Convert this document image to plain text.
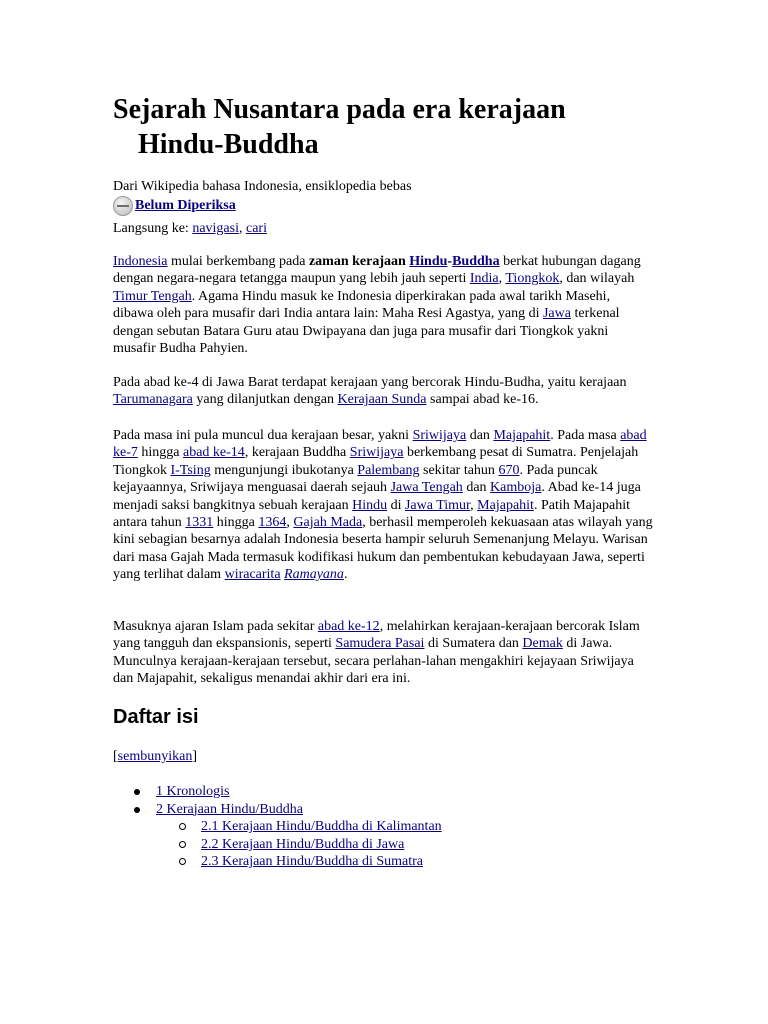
Sejarah Nusantara pada era kerajaan
Hindu-Buddha
Dari Wikipedia bahasa Indonesia, ensiklopedia bebas
Belum Diperiksa
Langsung ke: navigasi, cari

Indonesia mulai berkembang pada zaman kerajaan Hindu-Buddha berkat hubungan dagang dengan negara-negara tetangga maupun yang lebih jauh seperti India, Tiongkok, dan wilayah Timur Tengah. Agama Hindu masuk ke Indonesia diperkirakan pada awal tarikh Masehi, dibawa oleh para musafir dari India antara lain: Maha Resi Agastya, yang di Jawa terkenal dengan sebutan Batara Guru atau Dwipayana dan juga para musafir dari Tiongkok yakni musafir Budha Pahyien.

Pada abad ke-4 di Jawa Barat terdapat kerajaan yang bercorak Hindu-Budha, yaitu kerajaan Tarumanagara yang dilanjutkan dengan Kerajaan Sunda sampai abad ke-16.

Pada masa ini pula muncul dua kerajaan besar, yakni Sriwijaya dan Majapahit. Pada masa abad ke-7 hingga abad ke-14, kerajaan Buddha Sriwijaya berkembang pesat di Sumatra. Penjelajah Tiongkok I-Tsing mengunjungi ibukotanya Palembang sekitar tahun 670. Pada puncak kejayaannya, Sriwijaya menguasai daerah sejauh Jawa Tengah dan Kamboja. Abad ke-14 juga menjadi saksi bangkitnya sebuah kerajaan Hindu di Jawa Timur, Majapahit. Patih Majapahit antara tahun 1331 hingga 1364, Gajah Mada, berhasil memperoleh kekuasaan atas wilayah yang kini sebagian besarnya adalah Indonesia beserta hampir seluruh Semenanjung Melayu. Warisan dari masa Gajah Mada termasuk kodifikasi hukum dan pembentukan kebudayaan Jawa, seperti yang terlihat dalam wiracarita Ramayana.

Masuknya ajaran Islam pada sekitar abad ke-12, melahirkan kerajaan-kerajaan bercorak Islam yang tangguh dan ekspansionis, seperti Samudera Pasai di Sumatera dan Demak di Jawa. Munculnya kerajaan-kerajaan tersebut, secara perlahan-lahan mengakhiri kejayaan Sriwijaya dan Majapahit, sekaligus menandai akhir dari era ini.

Daftar isi
[sembunyikan]
1 Kronologis
2 Kerajaan Hindu/Buddha
2.1 Kerajaan Hindu/Buddha di Kalimantan
2.2 Kerajaan Hindu/Buddha di Jawa
2.3 Kerajaan Hindu/Buddha di Sumatra
